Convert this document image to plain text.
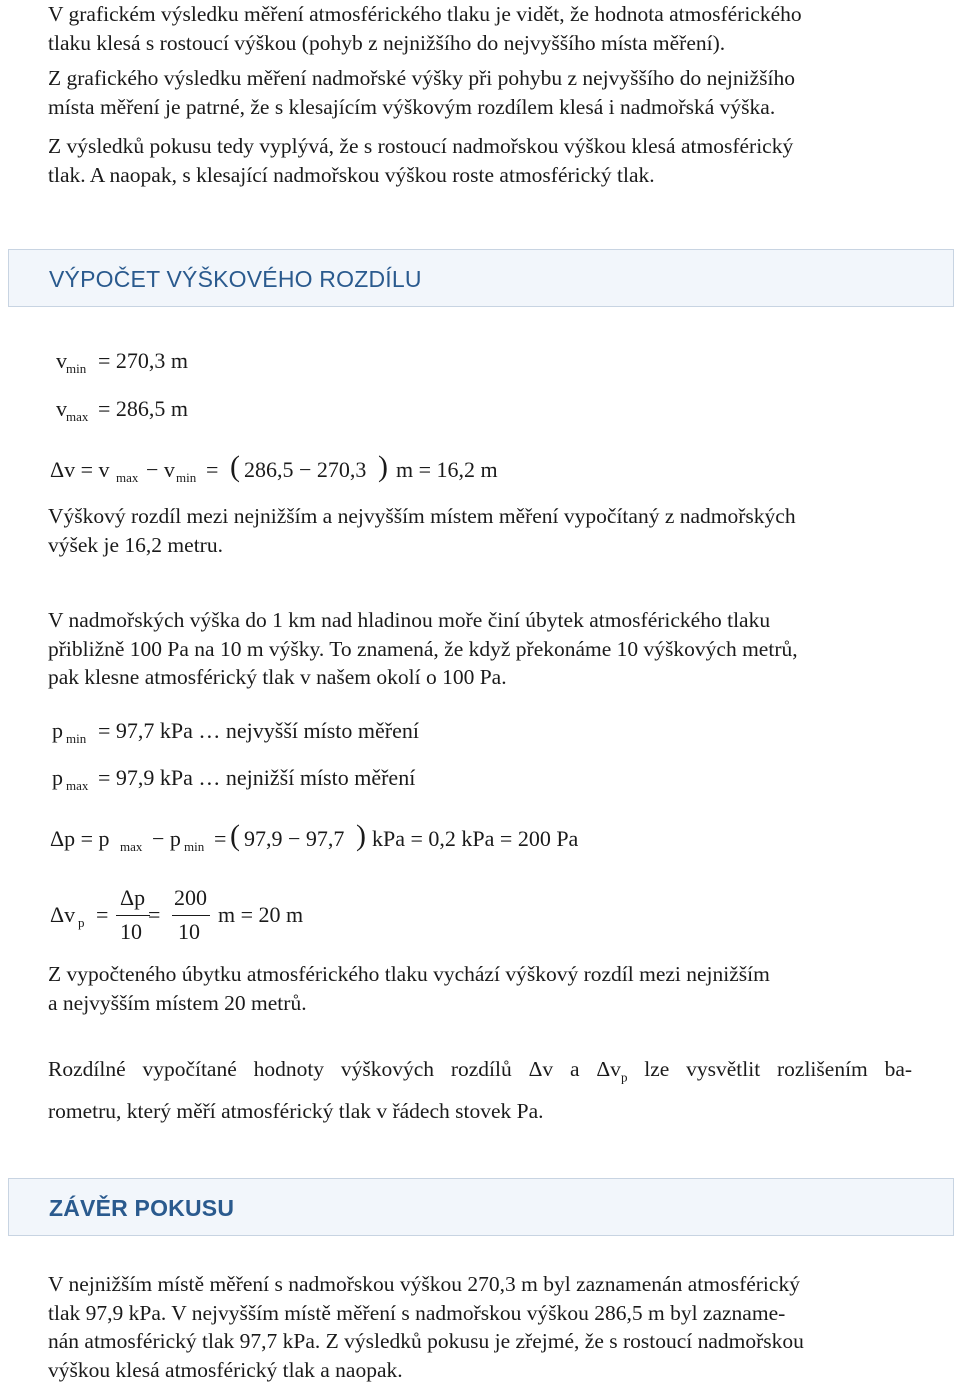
V grafickém výsledku měření atmosférického tlaku je vidět, že hodnota atmosférického
tlaku klesá s rostoucí výškou (pohyb z nejnižšího do nejvyššího místa měření).
Z grafického výsledku měření nadmořské výšky při pohybu z nejvyššího do nejnižšího
místa měření je patrné, že s klesajícím výškovým rozdílem klesá i nadmořská výška.
Z výsledků pokusu tedy vyplývá, že s rostoucí nadmořskou výškou klesá atmosférický
tlak. A naopak, s klesající nadmořskou výškou roste atmosférický tlak.
VÝPOČET VÝŠKOVÉHO ROZDÍLU
v min = 270,3 m
v max = 286,5 m
Δv = v max − v min = ( 286,5 − 270,3 ) m = 16,2 m
Výškový rozdíl mezi nejnižším a nejvyšším místem měření vypočítaný z nadmořských
výšek je 16,2 metru.
V nadmořských výška do 1 km nad hladinou moře činí úbytek atmosférického tlaku
přibližně 100 Pa na 10 m výšky. To znamená, že když překonáme 10 výškových metrů,
pak klesne atmosférický tlak v našem okolí o 100 Pa.
p min = 97,7 kPa … nejvyšší místo měření
p max = 97,9 kPa … nejnižší místo měření
Δp = p max − p min = ( 97,9 − 97,7 ) kPa = 0,2 kPa = 200 Pa
Δv p =
Δp
10
=
200
10
m = 20 m
Z vypočteného úbytku atmosférického tlaku vychází výškový rozdíl mezi nejnižším
a nejvyšším místem 20 metrů.
Rozdílné vypočítané hodnoty výškových rozdílů Δv a $\Delta v_p$ lze vysvětlit rozlišením ba-
rometru, který měří atmosférický tlak v řádech stovek Pa.
ZÁVĚR POKUSU
V nejnižším místě měření s nadmořskou výškou 270,3 m byl zaznamenán atmosférický
tlak 97,9 kPa. V nejvyšším místě měření s nadmořskou výškou 286,5 m byl zazname-
nán atmosférický tlak 97,7 kPa. Z výsledků pokusu je zřejmé, že s rostoucí nadmořskou
výškou klesá atmosférický tlak a naopak.
